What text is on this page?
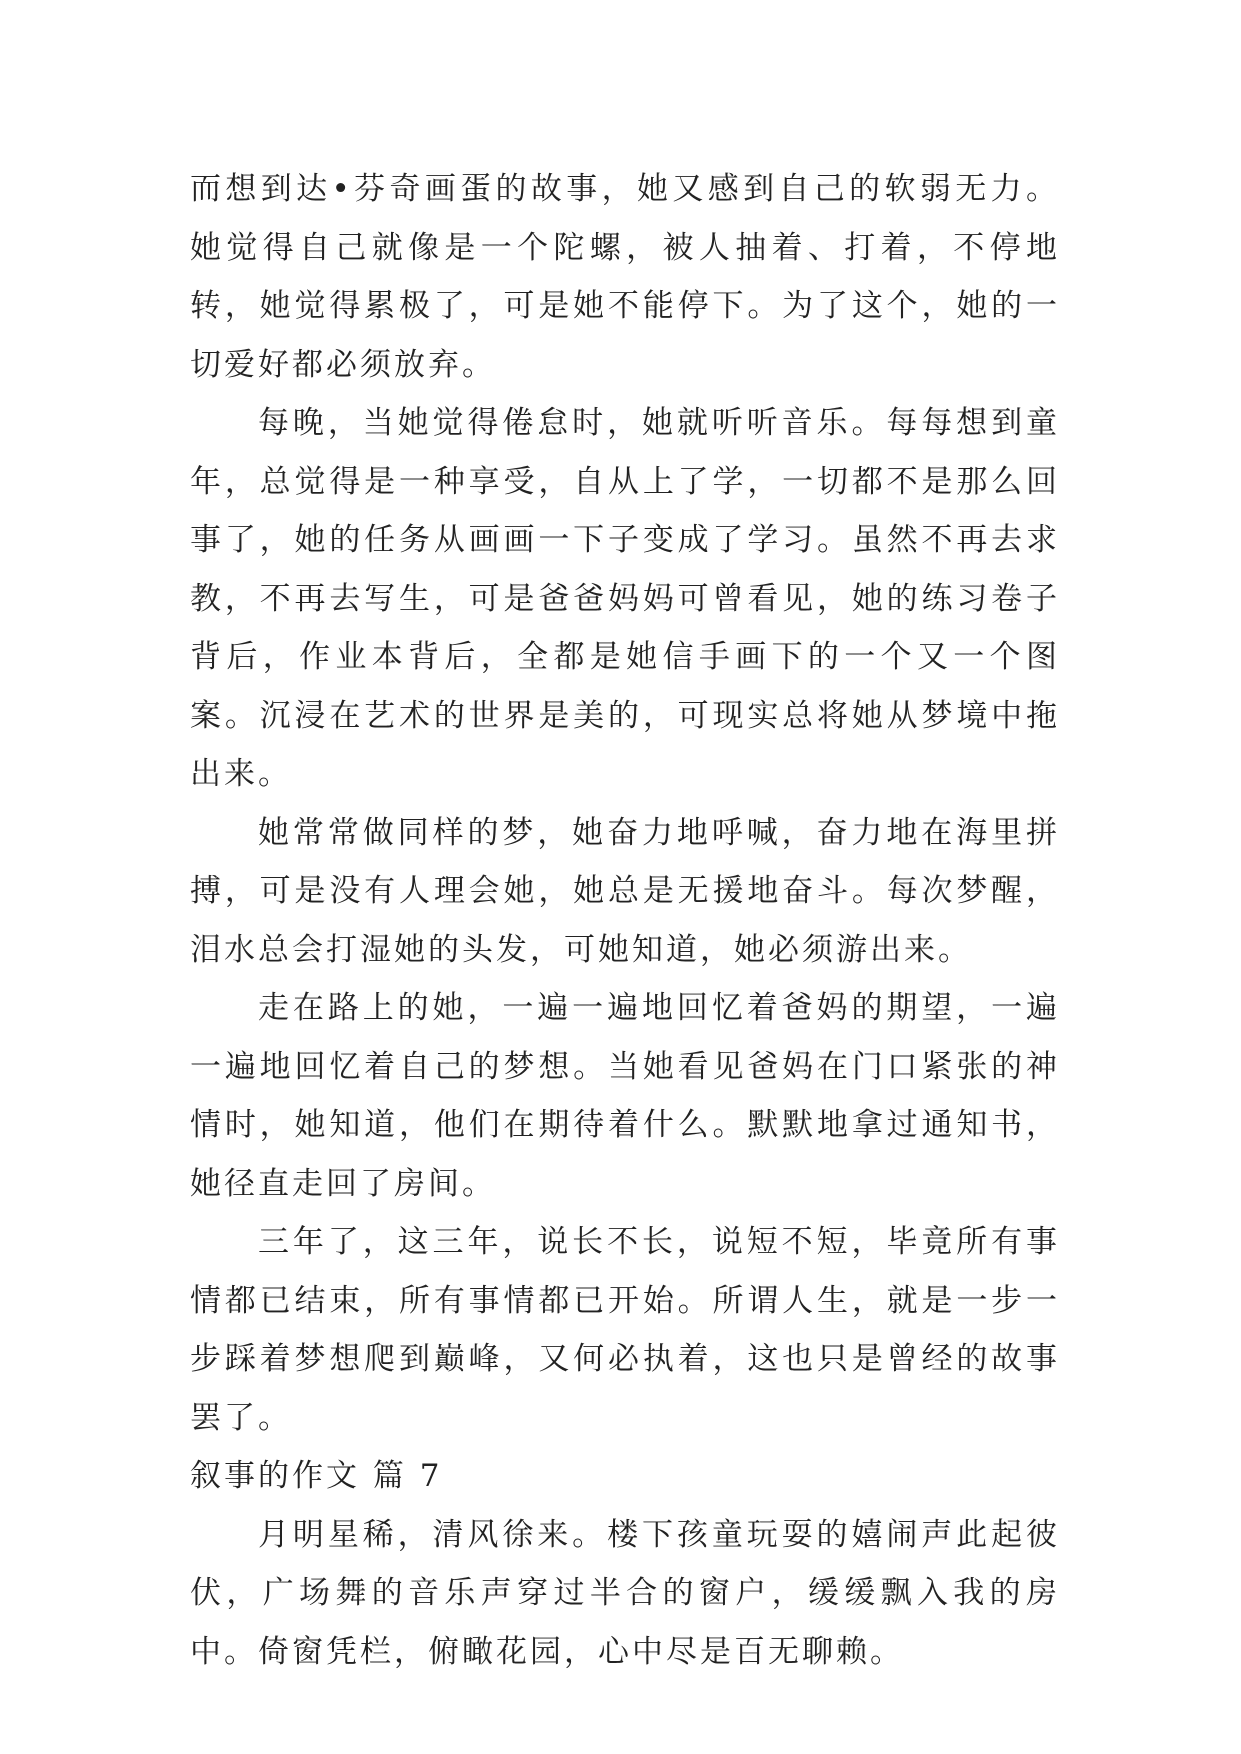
而想到达•芬奇画蛋的故事，她又感到自己的软弱无力。她觉得自己就像是一个陀螺，被人抽着、打着，不停地转，她觉得累极了，可是她不能停下。为了这个，她的一切爱好都必须放弃。

每晚，当她觉得倦怠时，她就听听音乐。每每想到童年，总觉得是一种享受，自从上了学，一切都不是那么回事了，她的任务从画画一下子变成了学习。虽然不再去求教，不再去写生，可是爸爸妈妈可曾看见，她的练习卷子背后，作业本背后，全都是她信手画下的一个又一个图案。沉浸在艺术的世界是美的，可现实总将她从梦境中拖出来。

她常常做同样的梦，她奋力地呼喊，奋力地在海里拼搏，可是没有人理会她，她总是无援地奋斗。每次梦醒，泪水总会打湿她的头发，可她知道，她必须游出来。

走在路上的她，一遍一遍地回忆着爸妈的期望，一遍一遍地回忆着自己的梦想。当她看见爸妈在门口紧张的神情时，她知道，他们在期待着什么。默默地拿过通知书，她径直走回了房间。

三年了，这三年，说长不长，说短不短，毕竟所有事情都已结束，所有事情都已开始。所谓人生，就是一步一步踩着梦想爬到巅峰，又何必执着，这也只是曾经的故事罢了。

叙事的作文 篇 7

月明星稀，清风徐来。楼下孩童玩耍的嬉闹声此起彼伏，广场舞的音乐声穿过半合的窗户，缓缓飘入我的房中。倚窗凭栏，俯瞰花园，心中尽是百无聊赖。
